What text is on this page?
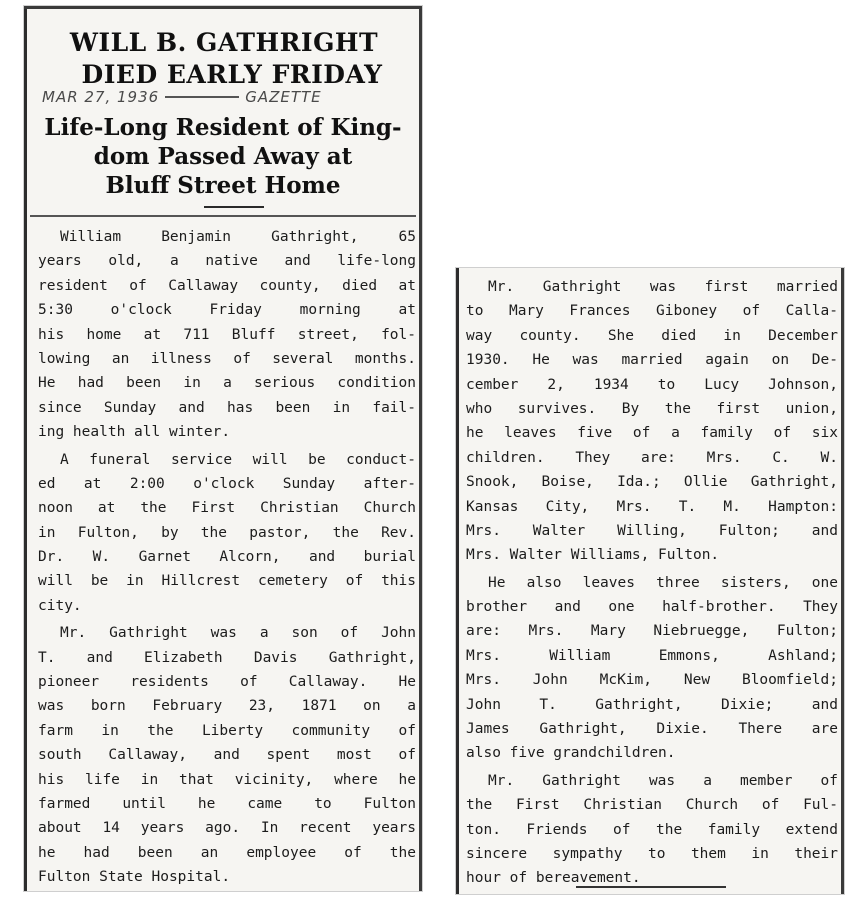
WILL B. GATHRIGHT
DIED EARLY FRIDAY
MAR 27, 1936	GAZETTE
Life-Long Resident of King-
dom Passed Away at
Bluff Street Home

William Benjamin Gathright, 65
years old, a native and life-long
resident of Callaway county, died at
5:30 o'clock Friday morning at
his home at 711 Bluff street, fol-
lowing an illness of several months.
He had been in a serious condition
since Sunday and has been in fail-
ing health all winter.

A funeral service will be conduct-
ed at 2:00 o'clock Sunday after-
noon at the First Christian Church
in Fulton, by the pastor, the Rev.
Dr. W. Garnet Alcorn, and burial
will be in Hillcrest cemetery of this
city.

Mr. Gathright was a son of John
T. and Elizabeth Davis Gathright,
pioneer residents of Callaway. He
was born February 23, 1871 on a
farm in the Liberty community of
south Callaway, and spent most of
his life in that vicinity, where he
farmed until he came to Fulton
about 14 years ago. In recent years
he had been an employee of the
Fulton State Hospital.

Mr. Gathright was first married
to Mary Frances Giboney of Calla-
way county. She died in December
1930. He was married again on De-
cember 2, 1934 to Lucy Johnson,
who survives. By the first union,
he leaves five of a family of six
children. They are: Mrs. C. W.
Snook, Boise, Ida.; Ollie Gathright,
Kansas City, Mrs. T. M. Hampton:
Mrs. Walter Willing, Fulton; and
Mrs. Walter Williams, Fulton.

He also leaves three sisters, one
brother and one half-brother. They
are: Mrs. Mary Niebruegge, Fulton;
Mrs. William Emmons, Ashland;
Mrs. John McKim, New Bloomfield;
John T. Gathright, Dixie; and
James Gathright, Dixie. There are
also five grandchildren.

Mr. Gathright was a member of
the First Christian Church of Ful-
ton. Friends of the family extend
sincere sympathy to them in their
hour of bereavement.
